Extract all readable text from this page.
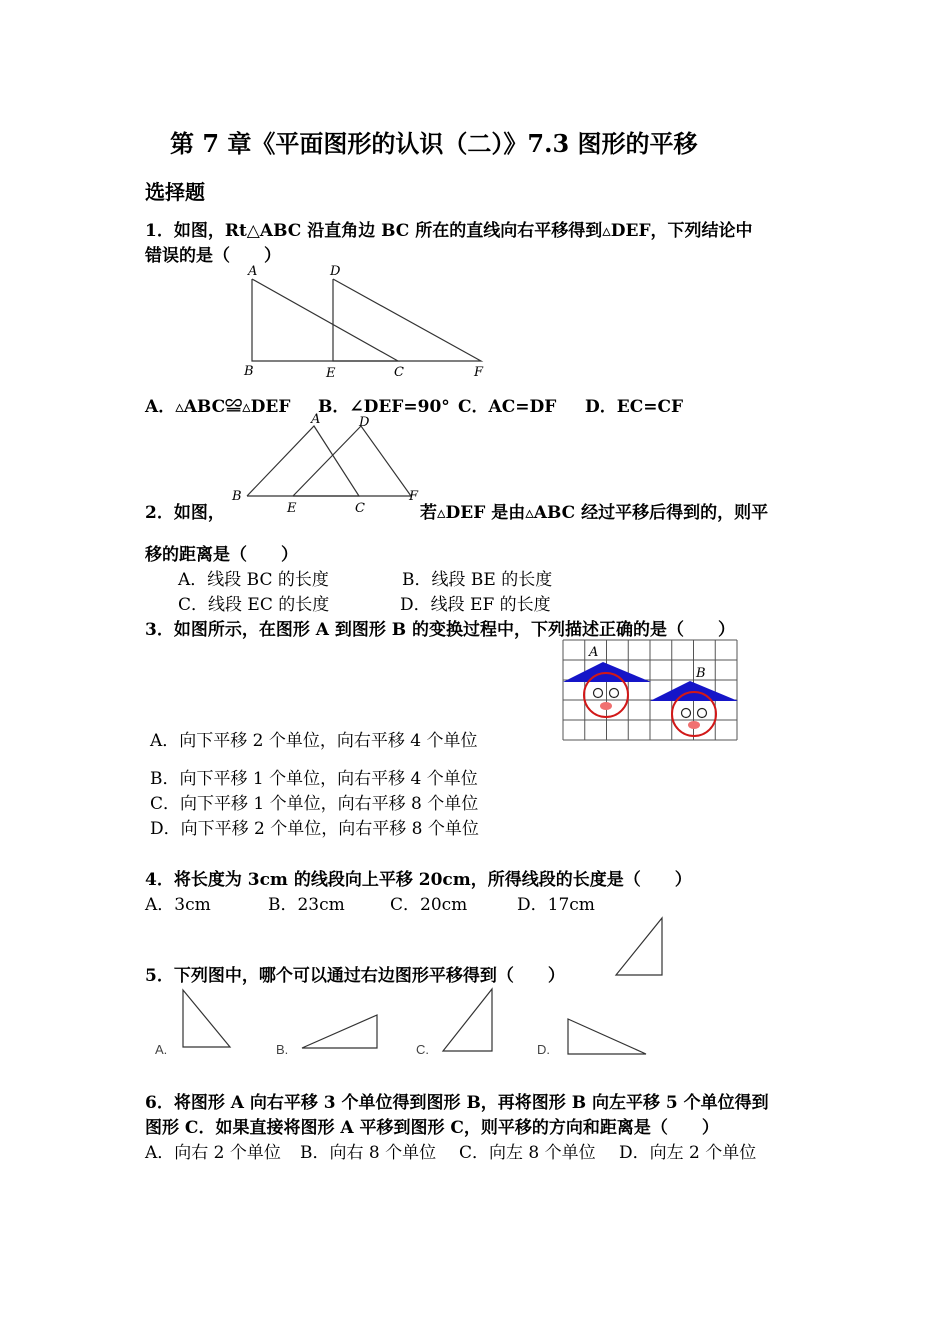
第 7 章《平面图形的认识（二）》7.3 图形的平移
选择题
1．如图，Rt△ABC 沿直角边 BC 所在的直线向右平移得到▵DEF，下列结论中
错误的是（　　）
A	D
B	E	C	F
A．▵ABC≌▵DEF B．∠DEF=90° C．AC=DF D．EC=CF
A	D
B
E	C
F
2．如图，	若▵DEF 是由▵ABC 经过平移后得到的，则平
移的距离是（　　）
A．线段 BC 的长度	B．线段 BE 的长度
C．线段 EC 的长度	D．线段 EF 的长度
3．如图所示，在图形 A 到图形 B 的变换过程中，下列描述正确的是（　　）
A
B
A．向下平移 2 个单位，向右平移 4 个单位
B．向下平移 1 个单位，向右平移 4 个单位
C．向下平移 1 个单位，向右平移 8 个单位
D．向下平移 2 个单位，向右平移 8 个单位
4．将长度为 3cm 的线段向上平移 20cm，所得线段的长度是（　　）
A．3cm	B．23cm	C．20cm	D．17cm
5．下列图中，哪个可以通过右边图形平移得到（　　）
A.	B.	C.	D.
6．将图形 A 向右平移 3 个单位得到图形 B，再将图形 B 向左平移 5 个单位得到
图形 C．如果直接将图形 A 平移到图形 C，则平移的方向和距离是（　　）
A．向右 2 个单位 B．向右 8 个单位 C．向左 8 个单位 D．向左 2 个单位
